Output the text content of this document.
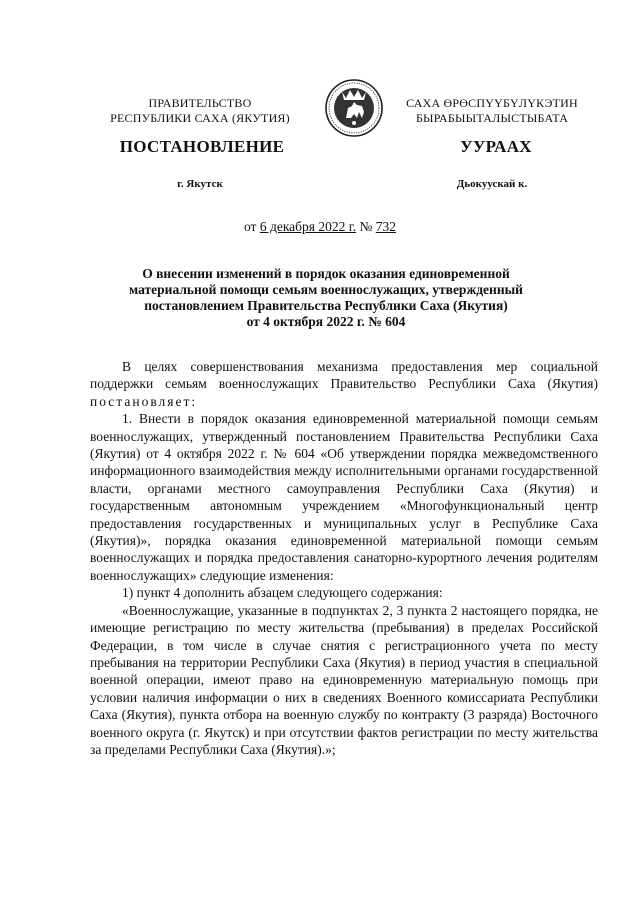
ПРАВИТЕЛЬСТВО
РЕСПУБЛИКИ САХА (ЯКУТИЯ)
САХА ӨРӨСПҮҮБҮЛҮКЭТИН
БЫРАБЫЫТАЛЫСТЫБАТА
ПОСТАНОВЛЕНИЕ	УУРААХ
г. Якутск	Дьокуускай к.
от 6 декабря 2022 г. № 732
О внесении изменений в порядок оказания единовременной
материальной помощи семьям военнослужащих, утвержденный
постановлением Правительства Республики Саха (Якутия)
от 4 октября 2022 г. № 604

В целях совершенствования механизма предоставления мер социальной поддержки семьям военнослужащих Правительство Республики Саха (Якутия) постановляет:

1. Внести в порядок оказания единовременной материальной помощи семьям военнослужащих, утвержденный постановлением Правительства Республики Саха (Якутия) от 4 октября 2022 г. № 604 «Об утверждении порядка межведомственного информационного взаимодействия между исполнительными органами государственной власти, органами местного самоуправления Республики Саха (Якутия) и государственным автономным учреждением «Многофункциональный центр предоставления государственных и муниципальных услуг в Республике Саха (Якутия)», порядка оказания единовременной материальной помощи семьям военнослужащих и порядка предоставления санаторно-курортного лечения родителям военнослужащих» следующие изменения:

1) пункт 4 дополнить абзацем следующего содержания:

«Военнослужащие, указанные в подпунктах 2, 3 пункта 2 настоящего порядка, не имеющие регистрацию по месту жительства (пребывания) в пределах Российской Федерации, в том числе в случае снятия с регистрационного учета по месту пребывания на территории Республики Саха (Якутия) в период участия в специальной военной операции, имеют право на единовременную материальную помощь при условии наличия информации о них в сведениях Военного комиссариата Республики Саха (Якутия), пункта отбора на военную службу по контракту (3 разряда) Восточного военного округа (г. Якутск) и при отсутствии фактов регистрации по месту жительства за пределами Республики Саха (Якутия).»;
